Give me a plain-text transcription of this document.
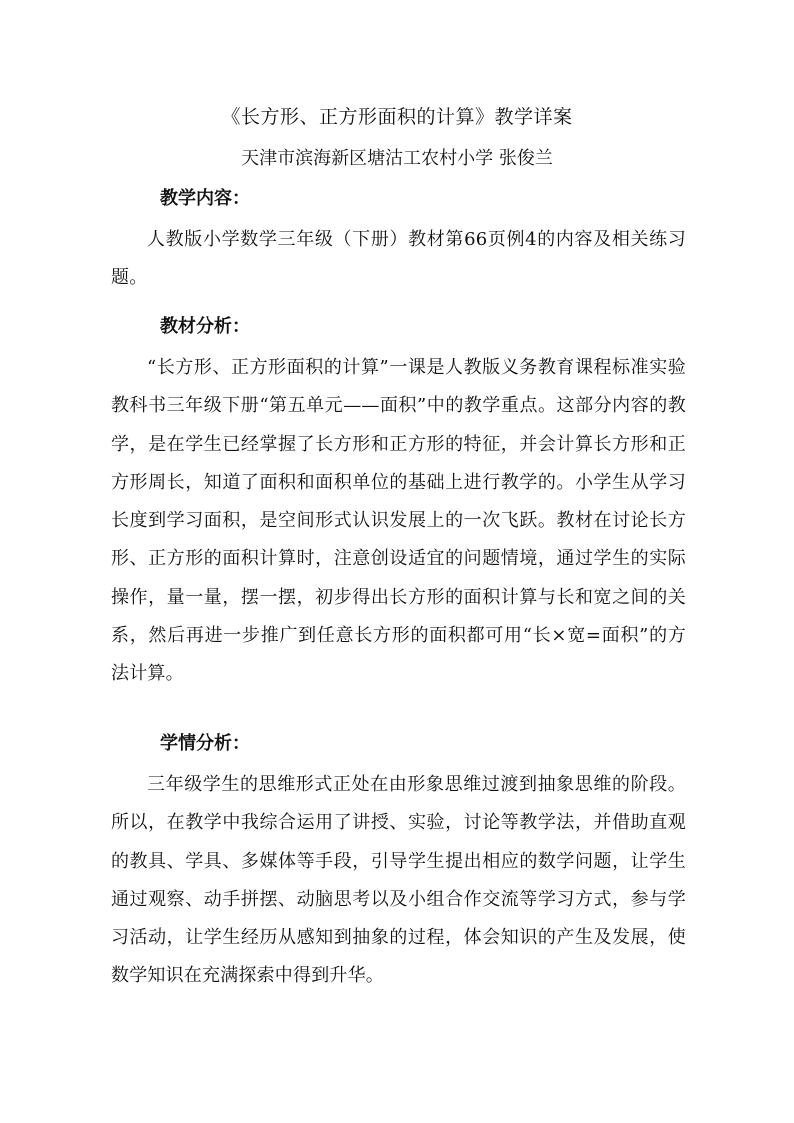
《长方形、正方形面积的计算》教学详案
天津市滨海新区塘沽工农村小学 张俊兰
教学内容：

人教版小学数学三年级（下册）教材第66页例4的内容及相关练习题。

教材分析：

“长方形、正方形面积的计算”一课是人教版义务教育课程标准实验教科书三年级下册“第五单元——面积”中的教学重点。这部分内容的教学，是在学生已经掌握了长方形和正方形的特征，并会计算长方形和正方形周长，知道了面积和面积单位的基础上进行教学的。小学生从学习长度到学习面积，是空间形式认识发展上的一次飞跃。教材在讨论长方形、正方形的面积计算时，注意创设适宜的问题情境，通过学生的实际操作，量一量，摆一摆，初步得出长方形的面积计算与长和宽之间的关系，然后再进一步推广到任意长方形的面积都可用“长×宽=面积”的方法计算。

学情分析：

三年级学生的思维形式正处在由形象思维过渡到抽象思维的阶段。所以，在教学中我综合运用了讲授、实验，讨论等教学法，并借助直观的教具、学具、多媒体等手段，引导学生提出相应的数学问题，让学生通过观察、动手拼摆、动脑思考以及小组合作交流等学习方式，参与学习活动，让学生经历从感知到抽象的过程，体会知识的产生及发展，使数学知识在充满探索中得到升华。
